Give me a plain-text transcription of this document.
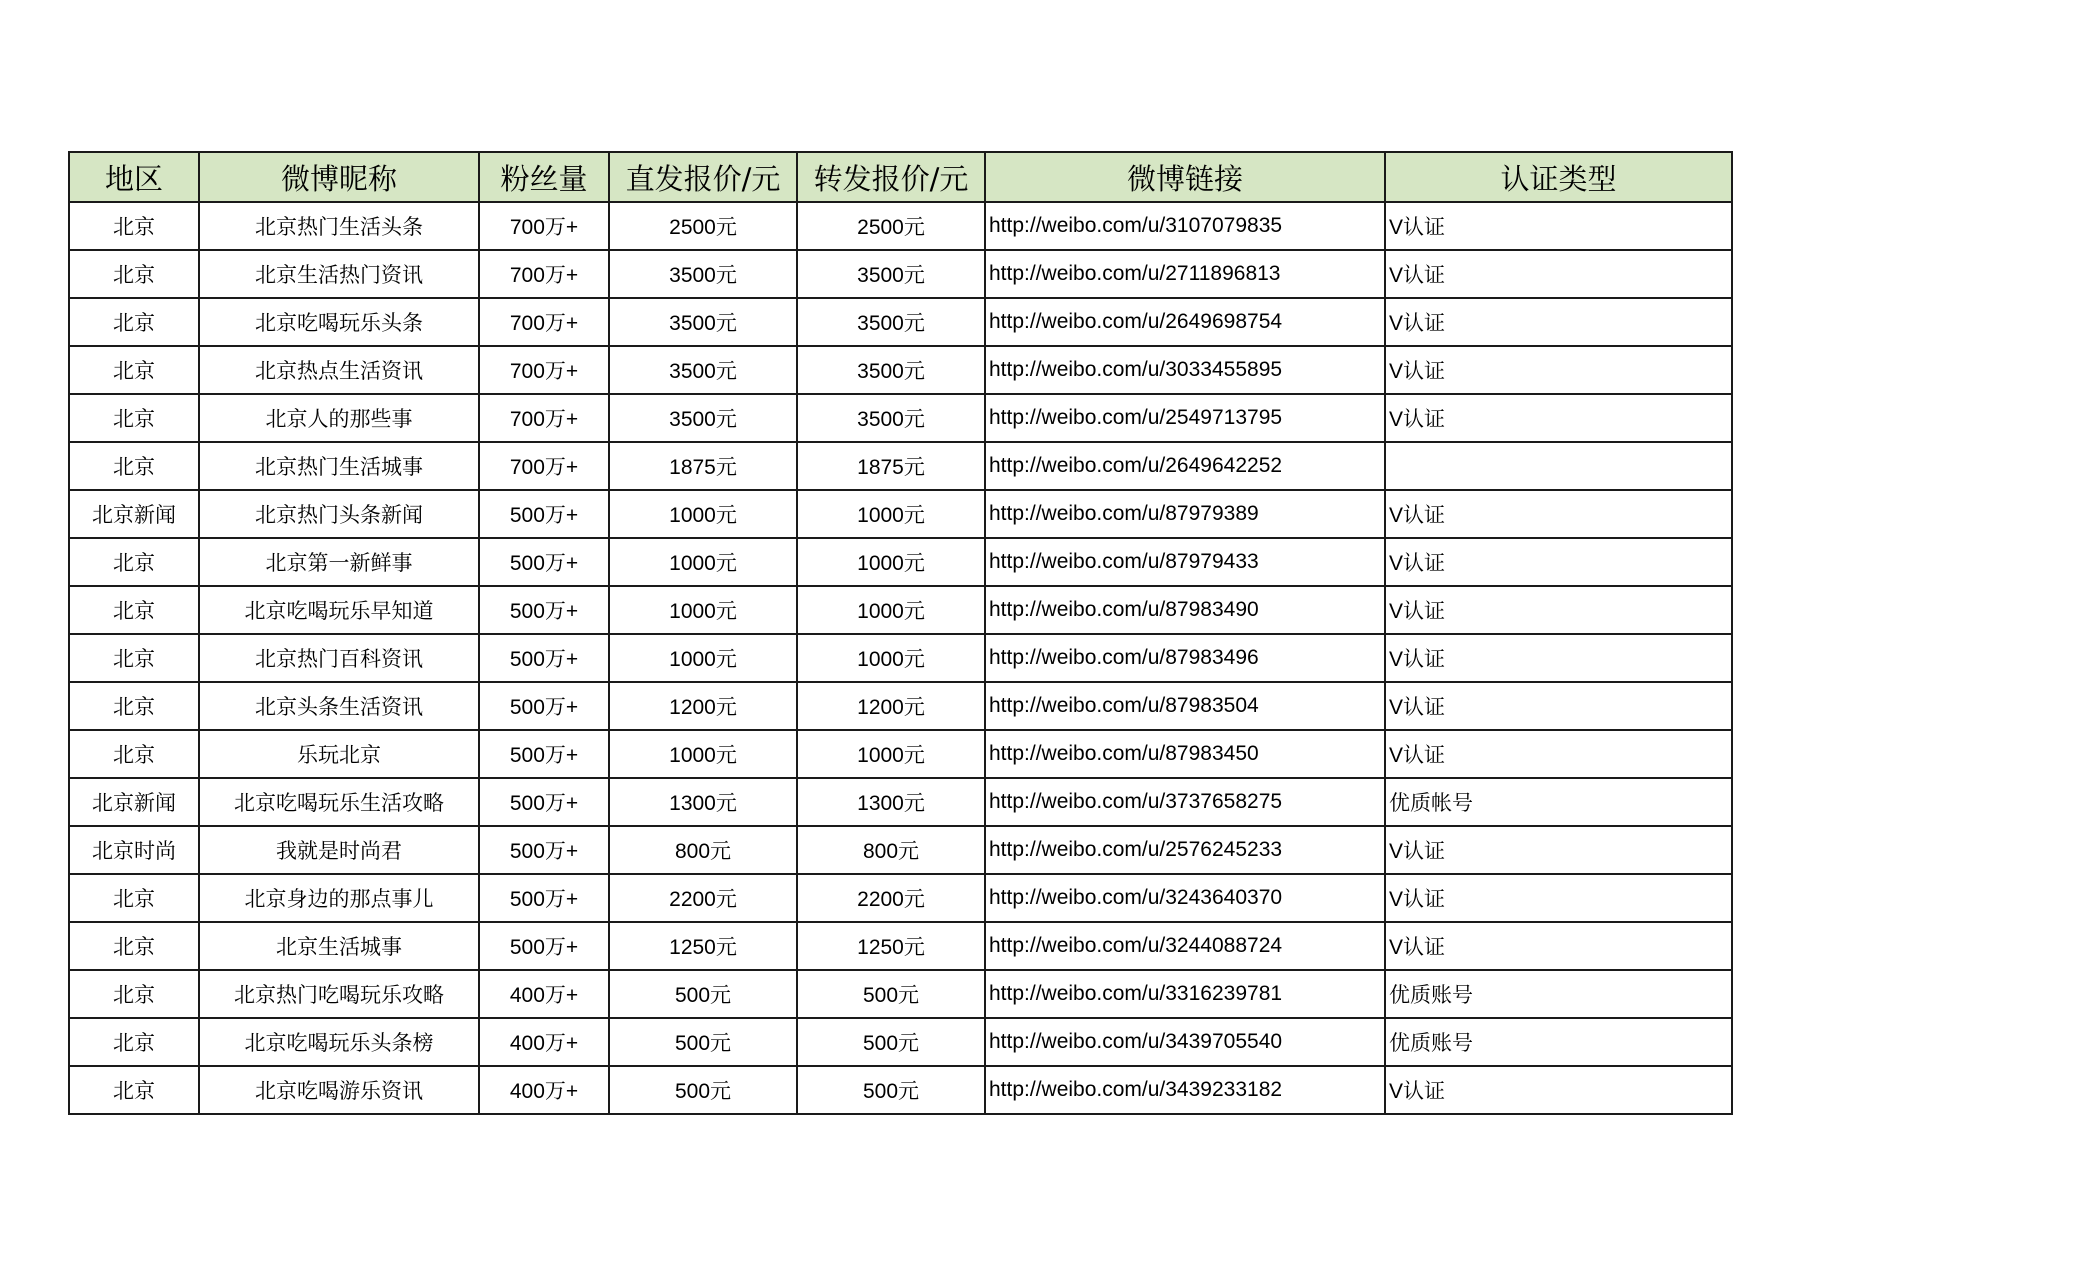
地区	微博昵称	粉丝量	直发报价/元	转发报价/元	微博链接	认证类型
北京	北京热门生活头条	700万+	2500元	2500元	http://weibo.com/u/3107079835	V认证
北京	北京生活热门资讯	700万+	3500元	3500元	http://weibo.com/u/2711896813	V认证
北京	北京吃喝玩乐头条	700万+	3500元	3500元	http://weibo.com/u/2649698754	V认证
北京	北京热点生活资讯	700万+	3500元	3500元	http://weibo.com/u/3033455895	V认证
北京	北京人的那些事	700万+	3500元	3500元	http://weibo.com/u/2549713795	V认证
北京	北京热门生活城事	700万+	1875元	1875元	http://weibo.com/u/2649642252	
北京新闻	北京热门头条新闻	500万+	1000元	1000元	http://weibo.com/u/87979389	V认证
北京	北京第一新鲜事	500万+	1000元	1000元	http://weibo.com/u/87979433	V认证
北京	北京吃喝玩乐早知道	500万+	1000元	1000元	http://weibo.com/u/87983490	V认证
北京	北京热门百科资讯	500万+	1000元	1000元	http://weibo.com/u/87983496	V认证
北京	北京头条生活资讯	500万+	1200元	1200元	http://weibo.com/u/87983504	V认证
北京	乐玩北京	500万+	1000元	1000元	http://weibo.com/u/87983450	V认证
北京新闻	北京吃喝玩乐生活攻略	500万+	1300元	1300元	http://weibo.com/u/3737658275	优质帐号
北京时尚	我就是时尚君	500万+	800元	800元	http://weibo.com/u/2576245233	V认证
北京	北京身边的那点事儿	500万+	2200元	2200元	http://weibo.com/u/3243640370	V认证
北京	北京生活城事	500万+	1250元	1250元	http://weibo.com/u/3244088724	V认证
北京	北京热门吃喝玩乐攻略	400万+	500元	500元	http://weibo.com/u/3316239781	优质账号
北京	北京吃喝玩乐头条榜	400万+	500元	500元	http://weibo.com/u/3439705540	优质账号
北京	北京吃喝游乐资讯	400万+	500元	500元	http://weibo.com/u/3439233182	V认证
